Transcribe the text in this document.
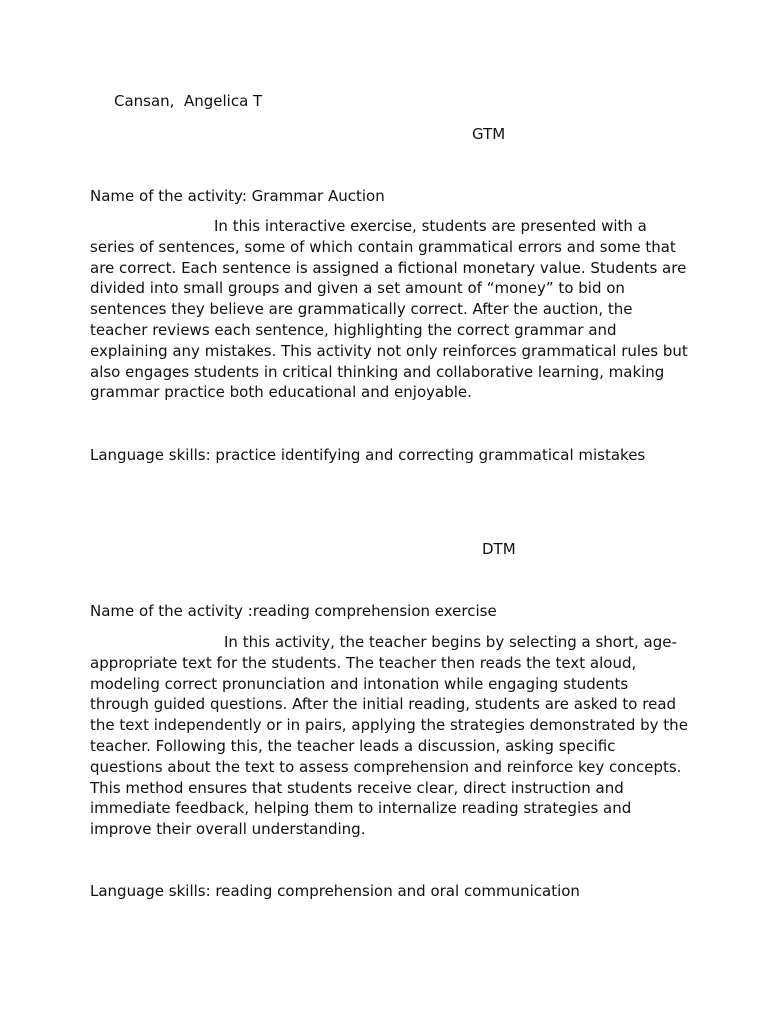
Cansan,  Angelica T
GTM
Name of the activity: Grammar Auction
In this interactive exercise, students are presented with a series of sentences, some of which contain grammatical errors and some that are correct. Each sentence is assigned a fictional monetary value. Students are divided into small groups and given a set amount of “money” to bid on sentences they believe are grammatically correct. After the auction, the teacher reviews each sentence, highlighting the correct grammar and explaining any mistakes. This activity not only reinforces grammatical rules but also engages students in critical thinking and collaborative learning, making grammar practice both educational and enjoyable.
Language skills: practice identifying and correcting grammatical mistakes
DTM
Name of the activity :reading comprehension exercise
In this activity, the teacher begins by selecting a short, age-appropriate text for the students. The teacher then reads the text aloud, modeling correct pronunciation and intonation while engaging students through guided questions. After the initial reading, students are asked to read the text independently or in pairs, applying the strategies demonstrated by the teacher. Following this, the teacher leads a discussion, asking specific questions about the text to assess comprehension and reinforce key concepts. This method ensures that students receive clear, direct instruction and immediate feedback, helping them to internalize reading strategies and improve their overall understanding.
Language skills: reading comprehension and oral communication
